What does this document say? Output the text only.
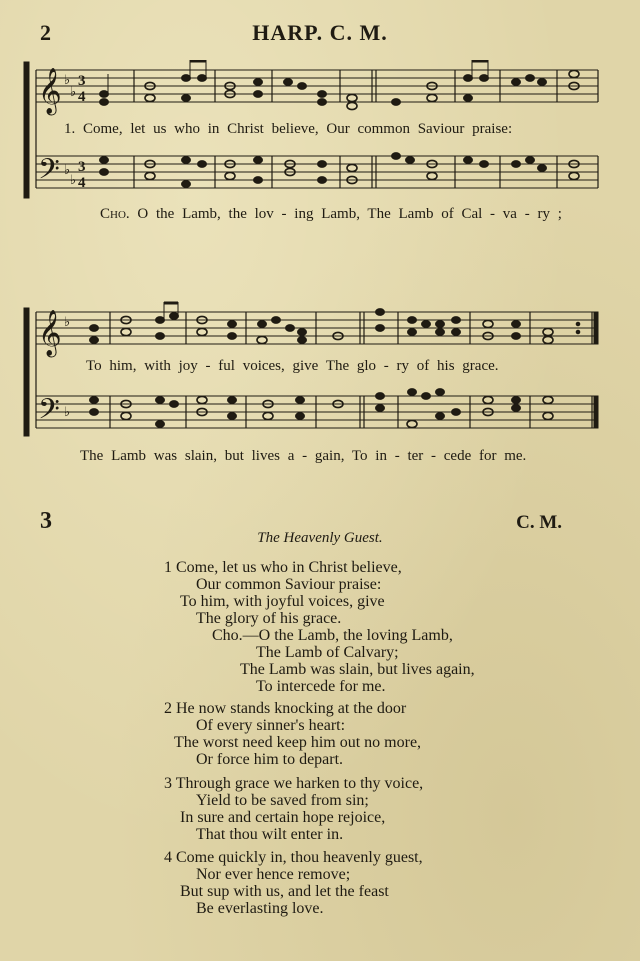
2	HARP. C. M.
𝄞
𝄢
♭
♭
♭
♭
3
4
3
4
1. Come, let us who in Christ believe, Our common Saviour praise:
Cho. O the Lamb, the lov - ing Lamb, The Lamb of Cal - va - ry ;
𝄞
𝄢
♭
♭
To him, with joy - ful voices, give The glo - ry of his grace.
The Lamb was slain, but lives a - gain, To in - ter - cede for me.
3	C. M.
The Heavenly Guest.
1 Come, let us who in Christ believe,
Our common Saviour praise:
To him, with joyful voices, give
The glory of his grace.
Cho.—O the Lamb, the loving Lamb,
The Lamb of Calvary;
The Lamb was slain, but lives again,
To intercede for me.
2 He now stands knocking at the door
Of every sinner's heart:
The worst need keep him out no more,
Or force him to depart.
3 Through grace we harken to thy voice,
Yield to be saved from sin;
In sure and certain hope rejoice,
That thou wilt enter in.
4 Come quickly in, thou heavenly guest,
Nor ever hence remove;
But sup with us, and let the feast
Be everlasting love.
